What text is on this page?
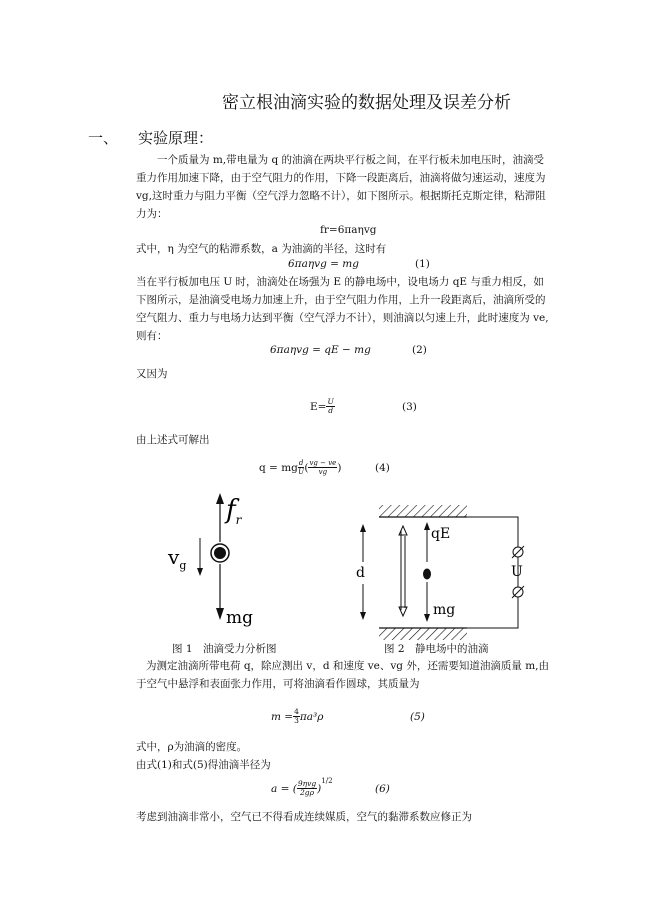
密立根油滴实验的数据处理及误差分析
一、 实验原理：
一个质量为 m,带电量为 q 的油滴在两块平行板之间，在平行板未加电压时，油滴受重力作用加速下降，由于空气阻力的作用，下降一段距离后，油滴将做匀速运动，速度为 vg,这时重力与阻力平衡（空气浮力忽略不计），如下图所示。根据斯托克斯定律，粘滞阻力为：
fr=6πaηvg
式中，η 为空气的粘滞系数，a 为油滴的半径，这时有
6πaηvg = mg	(1)
当在平行板加电压 U 时，油滴处在场强为 E 的静电场中，设电场力 qE 与重力相反，如下图所示，是油滴受电场力加速上升，由于空气阻力作用，上升一段距离后，油滴所受的空气阻力、重力与电场力达到平衡（空气浮力不计），则油滴以匀速上升，此时速度为 ve,则有：
6πaηvg = qE − mg	(2)
又因为
$E= \frac{U}{d}$	(3)
由上述式可解出
q = mg $\frac{d}{U}$ ( $\frac{vg - ve}{vg}$ )	(4)
$f_r$
$v_g$
mg
图 1　油滴受力分析图
U
d
qE
mg
图 2　静电场中的油滴
为测定油滴所带电荷 q，除应测出 v，d 和速度 ve、vg 外，还需要知道油滴质量 m,由于空气中悬浮和表面张力作用，可将油滴看作圆球，其质量为
$m = \frac{4}{3} \pi a^3\rho$	(5)
式中，ρ为油滴的密度。
由式(1)和式(5)得油滴半径为
a = ( 9ηvg
2gρ )
1/2
(6)
考虑到油滴非常小，空气已不得看成连续媒质，空气的黏滞系数应修正为
